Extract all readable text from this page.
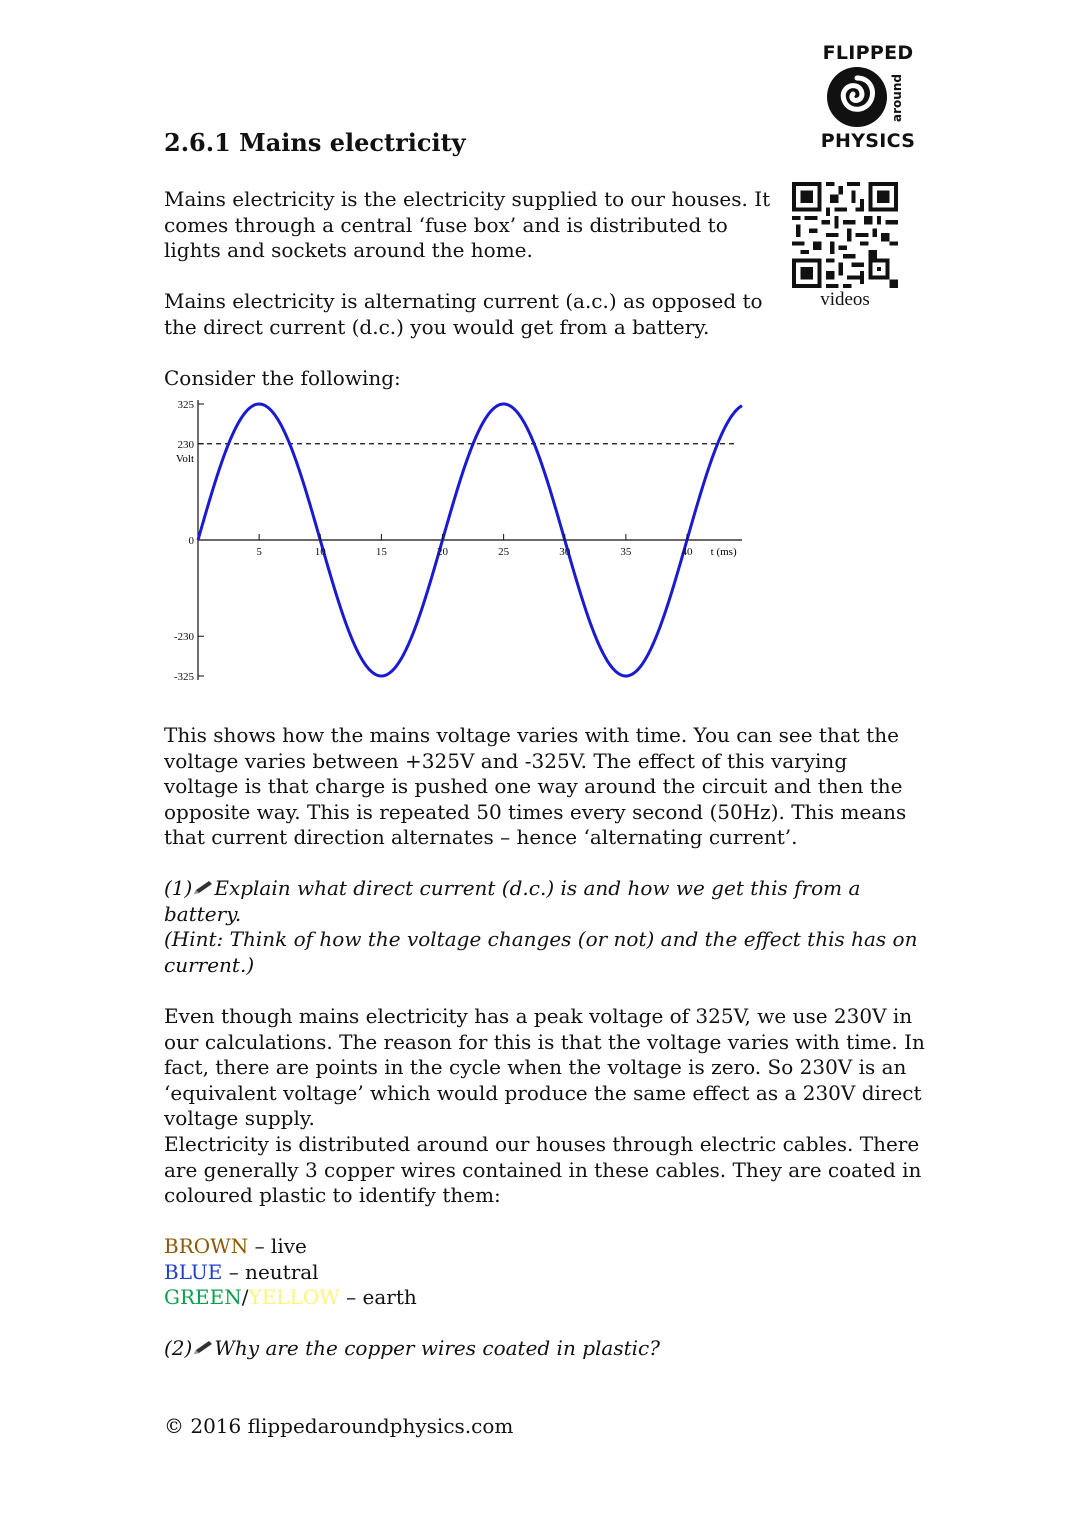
FLIPPED
around
PHYSICS
videos
2.6.1 Mains electricity

Mains electricity is the electricity supplied to our houses. It comes through a central ‘fuse box’ and is distributed to lights and sockets around the home.

Mains electricity is alternating current (a.c.) as opposed to the direct current (d.c.) you would get from a battery.

Consider the following:

325
230
0
-230
-325
5	10	15	20	25	30	35	40
Volt
t (ms)

This shows how the mains voltage varies with time. You can see that the voltage varies between +325V and -325V. The effect of this varying voltage is that charge is pushed one way around the circuit and then the opposite way. This is repeated 50 times every second (50Hz). This means that current direction alternates – hence ‘alternating current’.

(1) Explain what direct current (d.c.) is and how we get this from a battery.
(Hint: Think of how the voltage changes (or not) and the effect this has on current.)

Even though mains electricity has a peak voltage of 325V, we use 230V in our calculations. The reason for this is that the voltage varies with time. In fact, there are points in the cycle when the voltage is zero. So 230V is an ‘equivalent voltage’ which would produce the same effect as a 230V direct voltage supply.

Electricity is distributed around our houses through electric cables. There are generally 3 copper wires contained in these cables. They are coated in coloured plastic to identify them:

BROWN – live
BLUE – neutral
GREEN/YELLOW – earth
(2) Why are the copper wires coated in plastic?
© 2016 flippedaroundphysics.com
